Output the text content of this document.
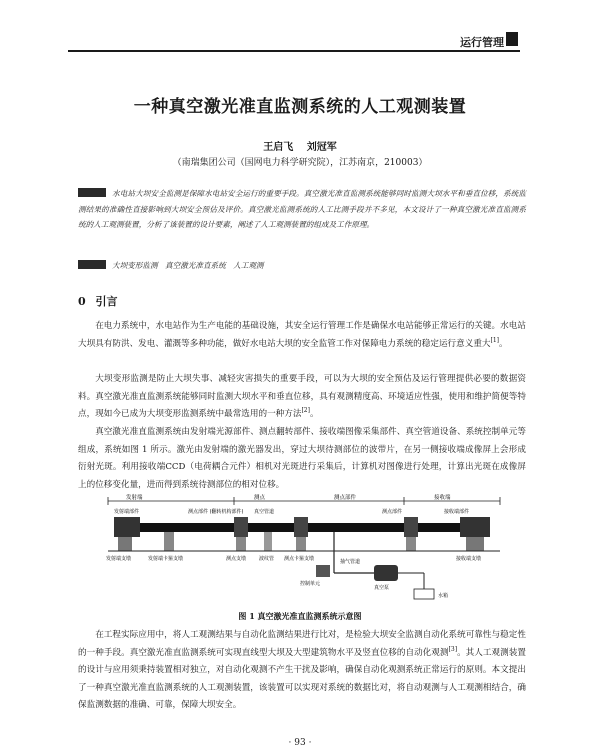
运行管理
一种真空激光准直监测系统的人工观测装置
王启飞 刘冠军
（南瑞集团公司（国网电力科学研究院），江苏南京，210003）
水电站大坝安全监测是保障水电站安全运行的重要手段。真空激光准直监测系统能够同时监测大坝水平和垂直位移，系统监测结果的准确性直接影响到大坝安全预估及评价。真空激光监测系统的人工比测手段并不多见，本文设计了一种真空激光准直监测系统的人工观测装置，分析了该装置的设计要素，阐述了人工观测装置的组成及工作原理。
大坝变形监测 真空激光准直系统 人工观测
0 引言
在电力系统中，水电站作为生产电能的基础设施，其安全运行管理工作是确保水电站能够正常运行的关键。水电站大坝具有防洪、发电、灌溉等多种功能，做好水电站大坝的安全监管工作对保障电力系统的稳定运行意义重大[1]。
大坝变形监测是防止大坝失事、减轻灾害损失的重要手段，可以为大坝的安全预估及运行管理提供必要的数据资料。真空激光准直监测系统能够同时监测大坝水平和垂直位移，具有观测精度高、环境适应性强，使用和维护简便等特点，现如今已成为大坝变形监测系统中最常选用的一种方法[2]。
真空激光准直监测系统由发射端光源部件、测点翻转部件、接收端图像采集部件、真空管道设备、系统控制单元等组成，系统如图 1 所示。激光由发射端的激光器发出，穿过大坝待测部位的波带片，在另一侧接收端成像屏上会形成衍射光斑。利用接收端CCD（电荷耦合元件）相机对光斑进行采集后，计算机对图像进行处理，计算出光斑在成像屏上的位移变化量，进而得到系统待测部位的相对位移。
发射端	测点	测点部件	接收端
发射端部件	测点部件 (翻转机构部件) 真空管道	测点部件	接收端部件
发射端支墩	发射端卡箍支墩	测点支墩	波纹管 测点卡箍支墩	接收端支墩
控制单元
抽气管道
真空泵
水箱
图 1 真空激光准直监测系统示意图
在工程实际应用中，将人工观测结果与自动化监测结果进行比对，是检验大坝安全监测自动化系统可靠性与稳定性的一种手段。真空激光准直监测系统可实现直线型大坝及大型建筑物水平及竖直位移的自动化观测[3]。其人工观测装置的设计与应用须秉持装置相对独立，对自动化观测不产生干扰及影响，确保自动化观测系统正常运行的原则。本文提出了一种真空激光准直监测系统的人工观测装置，该装置可以实现对系统的数据比对，将自动观测与人工观测相结合，确保监测数据的准确、可靠，保障大坝安全。
· 93 ·
